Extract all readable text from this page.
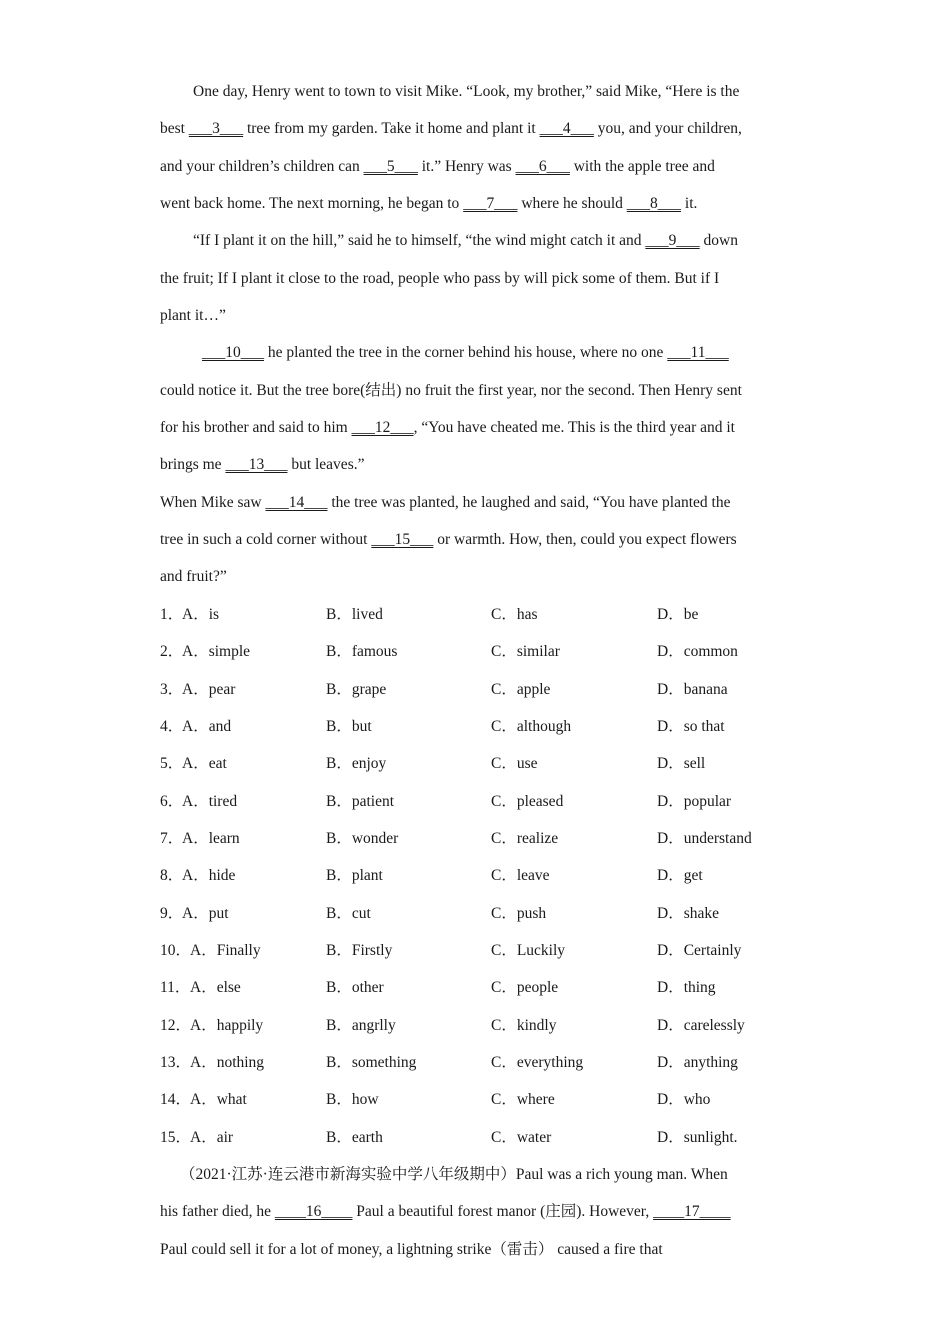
One day, Henry went to town to visit Mike. “Look, my brother,” said Mike, “Here is the
best ___3___ tree from my garden. Take it home and plant it ___4___ you, and your children,
and your children’s children can ___5___ it.” Henry was ___6___ with the apple tree and
went back home. The next morning, he began to ___7___ where he should ___8___ it.
“If I plant it on the hill,” said he to himself, “the wind might catch it and ___9___ down
the fruit; If I plant it close to the road, people who pass by will pick some of them. But if I
plant it…”
___10___ he planted the tree in the corner behind his house, where no one ___11___
could notice it. But the tree bore(结出) no fruit the first year, nor the second. Then Henry sent
for his brother and said to him ___12___, “You have cheated me. This is the third year and it
brings me ___13___ but leaves.”
When Mike saw ___14___ the tree was planted, he laughed and said, “You have planted the
tree in such a cold corner without ___15___ or warmth. How, then, could you expect flowers
and fruit?”
1．
A．is	B．lived	C．has	D．be
2．
A．simple	B．famous	C．similar	D．common
3．
A．pear	B．grape	C．apple	D．banana
4．
A．and	B．but	C．although	D．so that
5．
A．eat	B．enjoy	C．use	D．sell
6．
A．tired	B．patient	C．pleased	D．popular
7．
A．learn	B．wonder	C．realize	D．understand
8．
A．hide	B．plant	C．leave	D．get
9．
A．put	B．cut	C．push	D．shake
10．
A．Finally	B．Firstly	C．Luckily	D．Certainly
11． A．else	B．other	C．people	D．thing
12．
A．happily	B．angrlly	C．kindly	D．carelessly
13．
A．nothing	B．something	C．everything	D．anything
14．
A．what	B．how	C．where	D．who
15．
A．air	B．earth	C．water	D．sunlight.
（2021·江苏·连云港市新海实验中学八年级期中）Paul was a rich young man. When
his father died, he ____16____ Paul a beautiful forest manor (庄园). However, ____17____
Paul could sell it for a lot of money, a lightning strike（雷击） caused a fire that
